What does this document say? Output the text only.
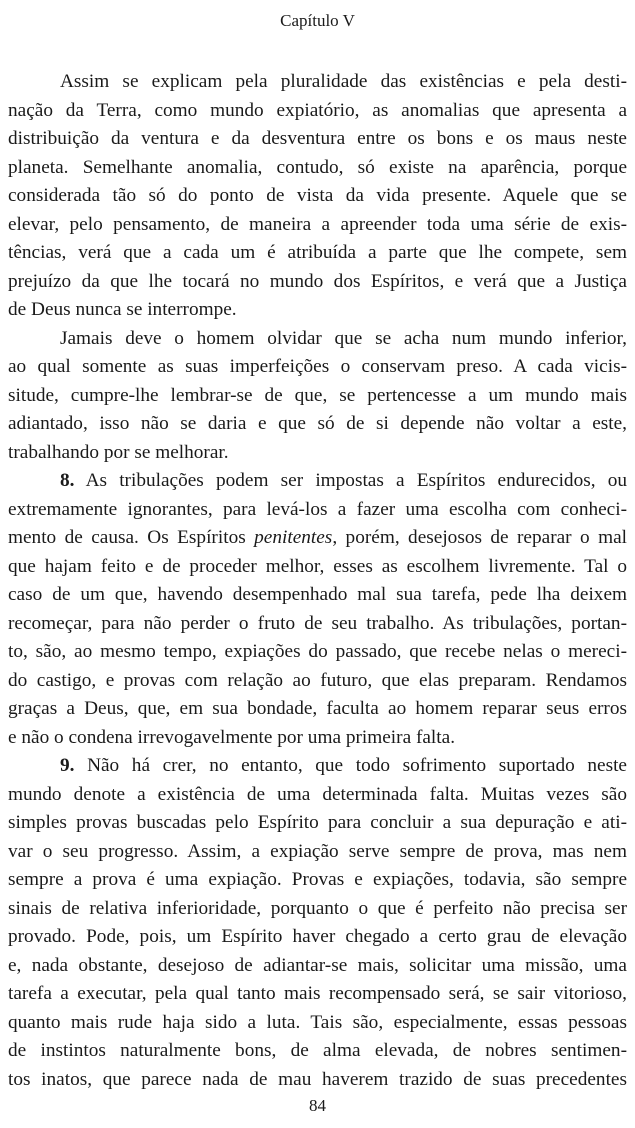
Capítulo V
Assim se explicam pela pluralidade das existências e pela desti-
nação da Terra, como mundo expiatório, as anomalias que apresenta a
distribuição da ventura e da desventura entre os bons e os maus neste
planeta. Semelhante anomalia, contudo, só existe na aparência, porque
considerada tão só do ponto de vista da vida presente. Aquele que se
elevar, pelo pensamento, de maneira a apreender toda uma série de exis-
tências, verá que a cada um é atribuída a parte que lhe compete, sem
prejuízo da que lhe tocará no mundo dos Espíritos, e verá que a Justiça
de Deus nunca se interrompe.
Jamais deve o homem olvidar que se acha num mundo inferior,
ao qual somente as suas imperfeições o conservam preso. A cada vicis-
situde, cumpre-lhe lembrar-se de que, se pertencesse a um mundo mais
adiantado, isso não se daria e que só de si depende não voltar a este,
trabalhando por se melhorar.
8. As tribulações podem ser impostas a Espíritos endurecidos, ou
extremamente ignorantes, para levá-los a fazer uma escolha com conheci-
mento de causa. Os Espíritos penitentes, porém, desejosos de reparar o mal
que hajam feito e de proceder melhor, esses as escolhem livremente. Tal o
caso de um que, havendo desempenhado mal sua tarefa, pede lha deixem
recomeçar, para não perder o fruto de seu trabalho. As tribulações, portan-
to, são, ao mesmo tempo, expiações do passado, que recebe nelas o mereci-
do castigo, e provas com relação ao futuro, que elas preparam. Rendamos
graças a Deus, que, em sua bondade, faculta ao homem reparar seus erros
e não o condena irrevogavelmente por uma primeira falta.
9. Não há crer, no entanto, que todo sofrimento suportado neste
mundo denote a existência de uma determinada falta. Muitas vezes são
simples provas buscadas pelo Espírito para concluir a sua depuração e ati-
var o seu progresso. Assim, a expiação serve sempre de prova, mas nem
sempre a prova é uma expiação. Provas e expiações, todavia, são sempre
sinais de relativa inferioridade, porquanto o que é perfeito não precisa ser
provado. Pode, pois, um Espírito haver chegado a certo grau de elevação
e, nada obstante, desejoso de adiantar-se mais, solicitar uma missão, uma
tarefa a executar, pela qual tanto mais recompensado será, se sair vitorioso,
quanto mais rude haja sido a luta. Tais são, especialmente, essas pessoas
de instintos naturalmente bons, de alma elevada, de nobres sentimen-
tos inatos, que parece nada de mau haverem trazido de suas precedentes
84
